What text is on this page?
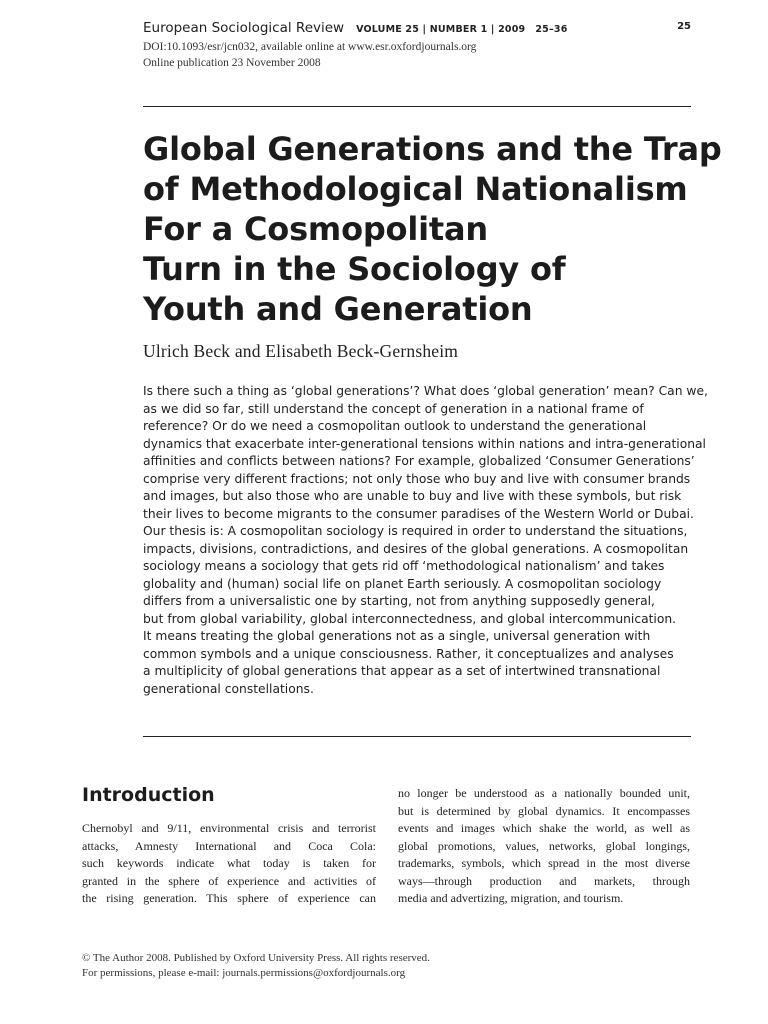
European Sociological Review VOLUME 25 | NUMBER 1 | 2009 25–36	25
DOI:10.1093/esr/jcn032, available online at www.esr.oxfordjournals.org
Online publication 23 November 2008
Global Generations and the Trap
of Methodological Nationalism
For a Cosmopolitan
Turn in the Sociology of
Youth and Generation
Ulrich Beck and Elisabeth Beck-Gernsheim
Is there such a thing as ‘global generations’? What does ‘global generation’ mean? Can we,
as we did so far, still understand the concept of generation in a national frame of
reference? Or do we need a cosmopolitan outlook to understand the generational
dynamics that exacerbate inter-generational tensions within nations and intra-generational
affinities and conflicts between nations? For example, globalized ‘Consumer Generations’
comprise very different fractions; not only those who buy and live with consumer brands
and images, but also those who are unable to buy and live with these symbols, but risk
their lives to become migrants to the consumer paradises of the Western World or Dubai.
Our thesis is: A cosmopolitan sociology is required in order to understand the situations,
impacts, divisions, contradictions, and desires of the global generations. A cosmopolitan
sociology means a sociology that gets rid off ‘methodological nationalism’ and takes
globality and (human) social life on planet Earth seriously. A cosmopolitan sociology
differs from a universalistic one by starting, not from anything supposedly general,
but from global variability, global interconnectedness, and global intercommunication.
It means treating the global generations not as a single, universal generation with
common symbols and a unique consciousness. Rather, it conceptualizes and analyses
a multiplicity of global generations that appear as a set of intertwined transnational
generational constellations.
Introduction
Chernobyl and 9/11, environmental crisis and terrorist
attacks, Amnesty International and Coca Cola:
such keywords indicate what today is taken for
granted in the sphere of experience and activities of
the rising generation. This sphere of experience can
no longer be understood as a nationally bounded unit,
but is determined by global dynamics. It encompasses
events and images which shake the world, as well as
global promotions, values, networks, global longings,
trademarks, symbols, which spread in the most diverse
ways—through production and markets, through
media and advertizing, migration, and tourism.
© The Author 2008. Published by Oxford University Press. All rights reserved.
For permissions, please e-mail: journals.permissions@oxfordjournals.org
